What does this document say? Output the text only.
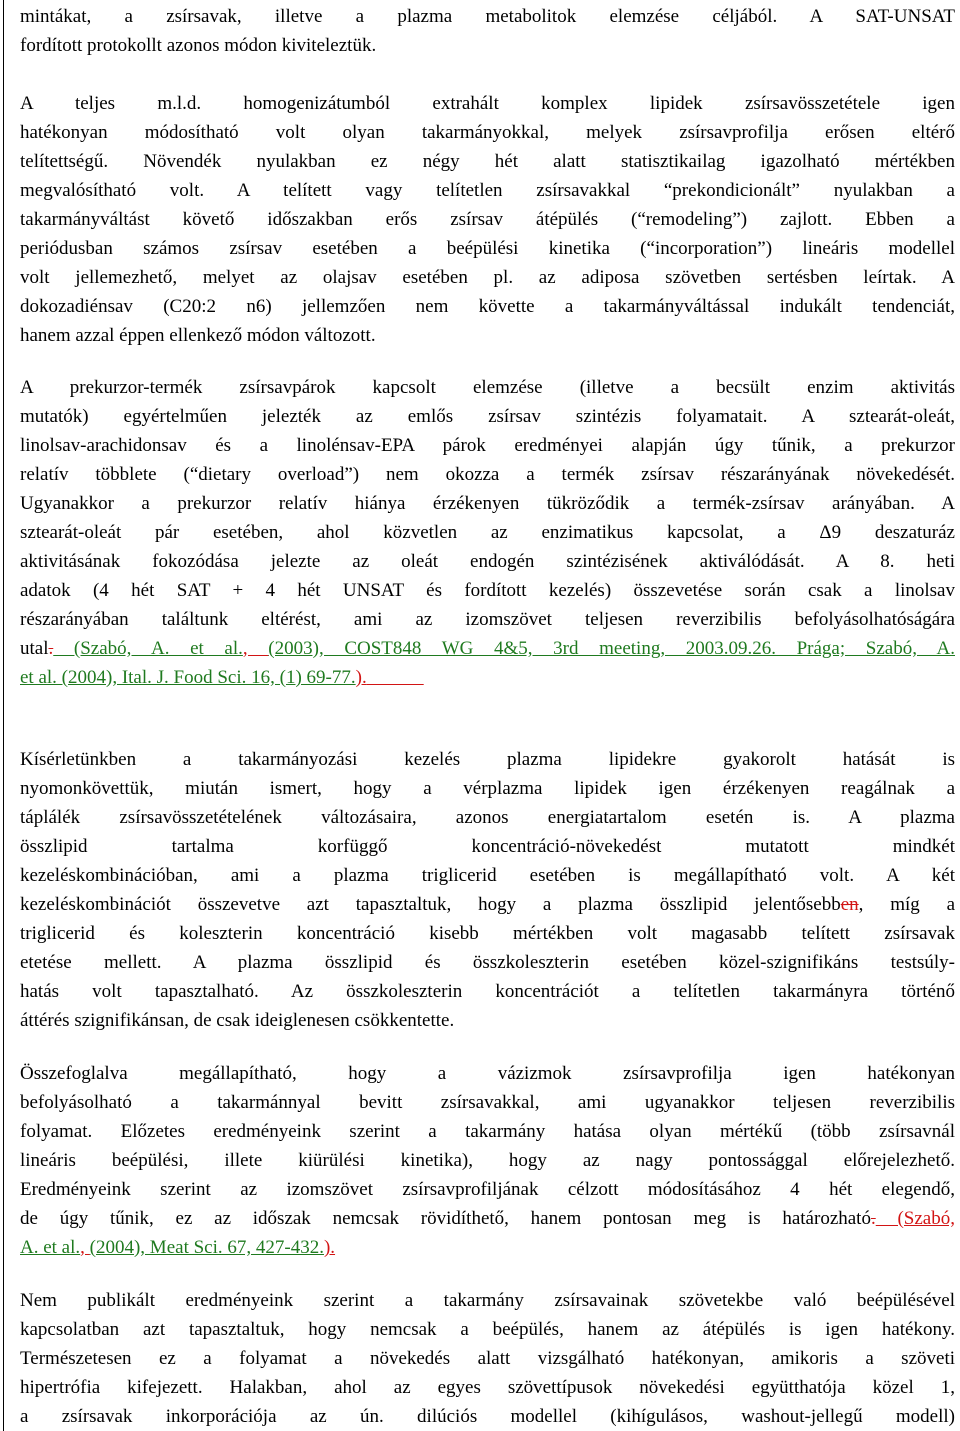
mintákat, a zsírsavak, illetve a plazma metabolitok elemzése céljából. A SAT-UNSAT
fordított protokollt azonos módon kiviteleztük.
A teljes m.l.d. homogenizátumból extrahált komplex lipidek zsírsavösszetétele igen
hatékonyan módosítható volt olyan takarmányokkal, melyek zsírsavprofilja erősen eltérő
telítettségű. Növendék nyulakban ez négy hét alatt statisztikailag igazolható mértékben
megvalósítható volt. A telített vagy telítetlen zsírsavakkal “prekondicionált” nyulakban a
takarmányváltást követő időszakban erős zsírsav átépülés (“remodeling”) zajlott. Ebben a
periódusban számos zsírsav esetében a beépülési kinetika (“incorporation”) lineáris modellel
volt jellemezhető, melyet az olajsav esetében pl. az adiposa szövetben sertésben leírtak. A
dokozadiénsav (C20:2 n6) jellemzően nem követte a takarmányváltással indukált tendenciát,
hanem azzal éppen ellenkező módon változott.
A prekurzor-termék zsírsavpárok kapcsolt elemzése (illetve a becsült enzim aktivitás
mutatók) egyértelműen jelezték az emlős zsírsav szintézis folyamatait. A sztearát-oleát,
linolsav-arachidonsav és a linolénsav-EPA párok eredményei alapján úgy tűnik, a prekurzor
relatív többlete (“dietary overload”) nem okozza a termék zsírsav részarányának növekedését.
Ugyanakkor a prekurzor relatív hiánya érzékenyen tükröződik a termék-zsírsav arányában. A
sztearát-oleát pár esetében, ahol közvetlen az enzimatikus kapcsolat, a Δ9 deszaturáz
aktivitásának fokozódása jelezte az oleát endogén szintézisének aktiválódását. A 8. heti
adatok (4 hét SAT + 4 hét UNSAT és fordított kezelés) összevetése során csak a linolsav
részarányában találtunk eltérést, ami az izomszövet teljesen reverzibilis befolyásolhatóságára
utal. (Szabó, A. et al., (2003), COST848 WG 4&5, 3rd meeting, 2003.09.26. Prága; Szabó, A.
et al. (2004), Ital. J. Food Sci. 16, (1) 69-77.).
Kísérletünkben a takarmányozási kezelés plazma lipidekre gyakorolt hatását is
nyomonkövettük, miután ismert, hogy a vérplazma lipidek igen érzékenyen reagálnak a
táplálék zsírsavösszetételének változásaira, azonos energiatartalom esetén is. A plazma
összlipid tartalma korfüggő koncentráció-növekedést mutatott mindkét
kezeléskombinációban, ami a plazma triglicerid esetében is megállapítható volt. A két
kezeléskombinációt összevetve azt tapasztaltuk, hogy a plazma összlipid jelentősebben, míg a
triglicerid és koleszterin koncentráció kisebb mértékben volt magasabb telített zsírsavak
etetése mellett. A plazma összlipid és összkoleszterin esetében közel-szignifikáns testsúly-
hatás volt tapasztalható. Az összkoleszterin koncentrációt a telítetlen takarmányra történő
áttérés szignifikánsan, de csak ideiglenesen csökkentette.
Összefoglalva megállapítható, hogy a vázizmok zsírsavprofilja igen hatékonyan
befolyásolható a takarmánnyal bevitt zsírsavakkal, ami ugyanakkor teljesen reverzibilis
folyamat. Előzetes eredményeink szerint a takarmány hatása olyan mértékű (több zsírsavnál
lineáris beépülési, illete kiürülési kinetika), hogy az nagy pontossággal előrejelezhető.
Eredményeink szerint az izomszövet zsírsavprofiljának célzott módosításához 4 hét elegendő,
de úgy tűnik, ez az időszak nemcsak rövidíthető, hanem pontosan meg is határozható. (Szabó,
A. et al., (2004), Meat Sci. 67, 427-432.).
Nem publikált eredményeink szerint a takarmány zsírsavainak szövetekbe való beépülésével
kapcsolatban azt tapasztaltuk, hogy nemcsak a beépülés, hanem az átépülés is igen hatékony.
Természetesen ez a folyamat a növekedés alatt vizsgálható hatékonyan, amikoris a szöveti
hipertrófia kifejezett. Halakban, ahol az egyes szövettípusok növekedési együtthatója közel 1,
a zsírsavak inkorporációja az ún. dilúciós modellel (kihígulásos, washout-jellegű modell)
